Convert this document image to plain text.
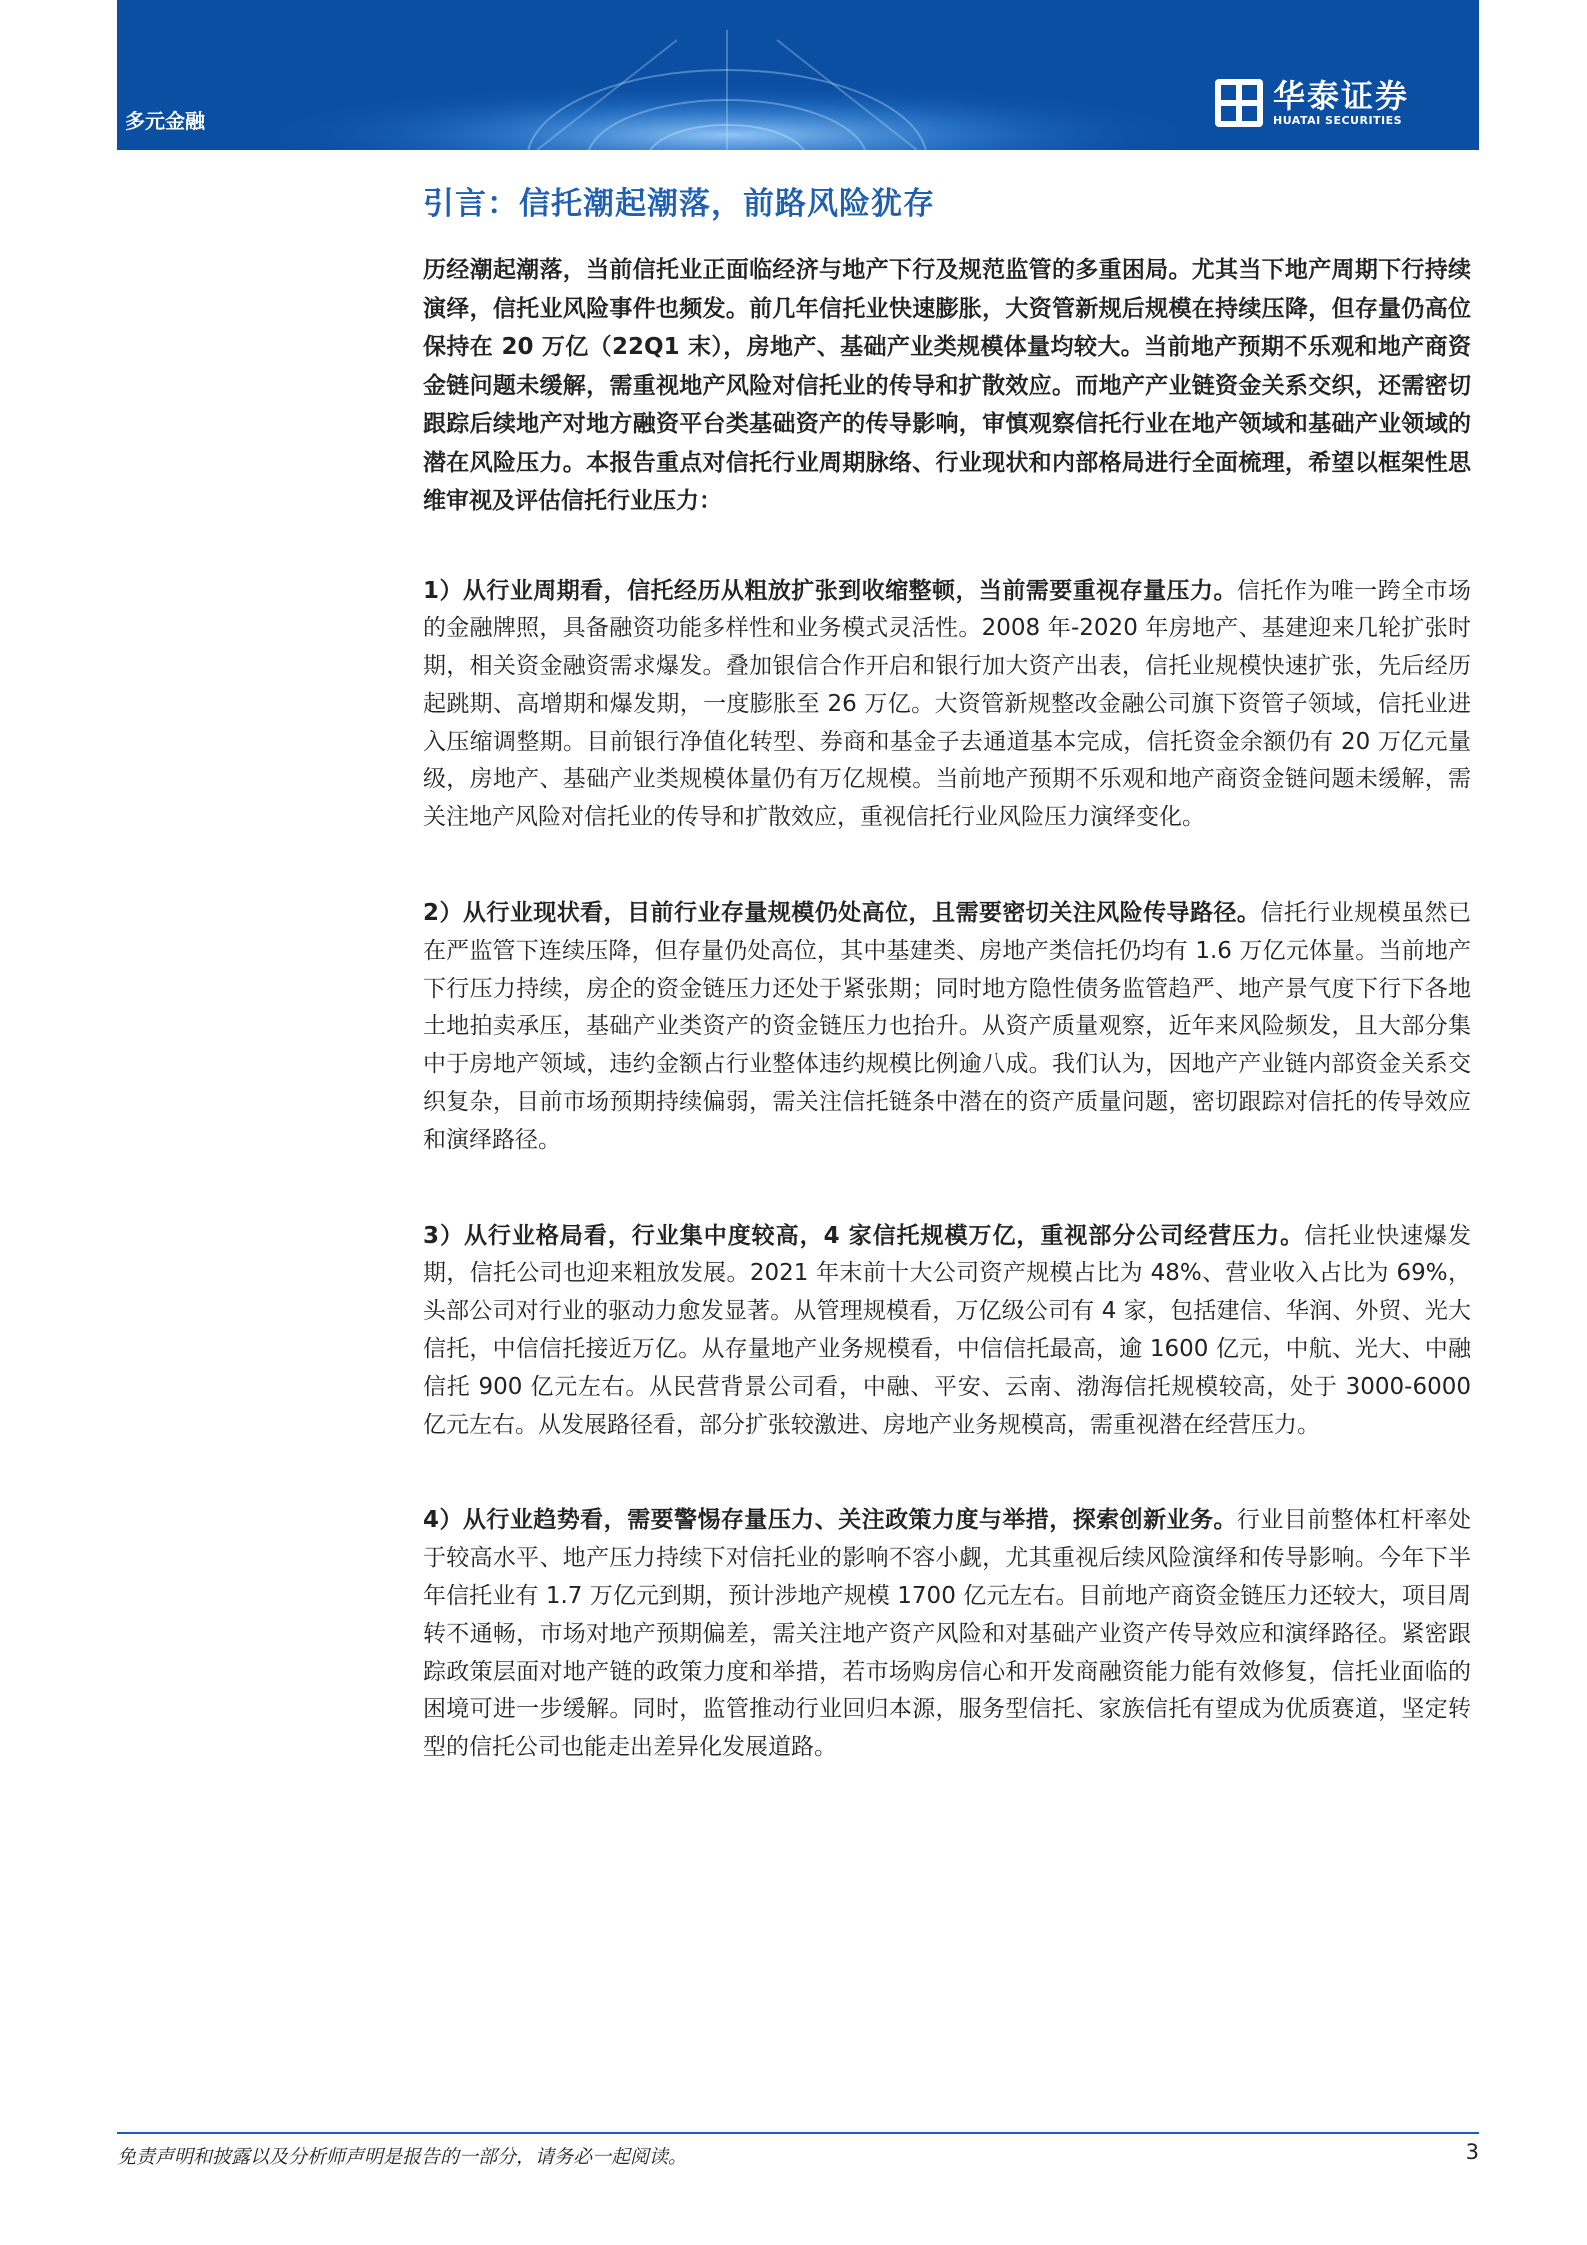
多元金融
华泰证券
HUATAI SECURITIES
引言：信托潮起潮落，前路风险犹存

历经潮起潮落，当前信托业正面临经济与地产下行及规范监管的多重困局。尤其当下地产周期下行持续演绎，信托业风险事件也频发。前几年信托业快速膨胀，大资管新规后规模在持续压降，但存量仍高位保持在 20 万亿（22Q1 末），房地产、基础产业类规模体量均较大。当前地产预期不乐观和地产商资金链问题未缓解，需重视地产风险对信托业的传导和扩散效应。而地产产业链资金关系交织，还需密切跟踪后续地产对地方融资平台类基础资产的传导影响，审慎观察信托行业在地产领域和基础产业领域的潜在风险压力。本报告重点对信托行业周期脉络、行业现状和内部格局进行全面梳理，希望以框架性思维审视及评估信托行业压力：

1）从行业周期看，信托经历从粗放扩张到收缩整顿，当前需要重视存量压力。信托作为唯一跨全市场的金融牌照，具备融资功能多样性和业务模式灵活性。2008 年-2020 年房地产、基建迎来几轮扩张时期，相关资金融资需求爆发。叠加银信合作开启和银行加大资产出表，信托业规模快速扩张，先后经历起跳期、高增期和爆发期，一度膨胀至 26 万亿。大资管新规整改金融公司旗下资管子领域，信托业进入压缩调整期。目前银行净值化转型、券商和基金子去通道基本完成，信托资金余额仍有 20 万亿元量级，房地产、基础产业类规模体量仍有万亿规模。当前地产预期不乐观和地产商资金链问题未缓解，需关注地产风险对信托业的传导和扩散效应，重视信托行业风险压力演绎变化。

2）从行业现状看，目前行业存量规模仍处高位，且需要密切关注风险传导路径。信托行业规模虽然已在严监管下连续压降，但存量仍处高位，其中基建类、房地产类信托仍均有 1.6 万亿元体量。当前地产下行压力持续，房企的资金链压力还处于紧张期；同时地方隐性债务监管趋严、地产景气度下行下各地土地拍卖承压，基础产业类资产的资金链压力也抬升。从资产质量观察，近年来风险频发，且大部分集中于房地产领域，违约金额占行业整体违约规模比例逾八成。我们认为，因地产产业链内部资金关系交织复杂，目前市场预期持续偏弱，需关注信托链条中潜在的资产质量问题，密切跟踪对信托的传导效应和演绎路径。

3）从行业格局看，行业集中度较高，4 家信托规模万亿，重视部分公司经营压力。信托业快速爆发期，信托公司也迎来粗放发展。2021 年末前十大公司资产规模占比为 48%、营业收入占比为 69%，头部公司对行业的驱动力愈发显著。从管理规模看，万亿级公司有 4 家，包括建信、华润、外贸、光大信托，中信信托接近万亿。从存量地产业务规模看，中信信托最高，逾 1600 亿元，中航、光大、中融信托 900 亿元左右。从民营背景公司看，中融、平安、云南、渤海信托规模较高，处于 3000-6000 亿元左右。从发展路径看，部分扩张较激进、房地产业务规模高，需重视潜在经营压力。

4）从行业趋势看，需要警惕存量压力、关注政策力度与举措，探索创新业务。行业目前整体杠杆率处于较高水平、地产压力持续下对信托业的影响不容小觑，尤其重视后续风险演绎和传导影响。今年下半年信托业有 1.7 万亿元到期，预计涉地产规模 1700 亿元左右。目前地产商资金链压力还较大，项目周转不通畅，市场对地产预期偏差，需关注地产资产风险和对基础产业资产传导效应和演绎路径。紧密跟踪政策层面对地产链的政策力度和举措，若市场购房信心和开发商融资能力能有效修复，信托业面临的困境可进一步缓解。同时，监管推动行业回归本源，服务型信托、家族信托有望成为优质赛道，坚定转型的信托公司也能走出差异化发展道路。

免责声明和披露以及分析师声明是报告的一部分，请务必一起阅读。	3
